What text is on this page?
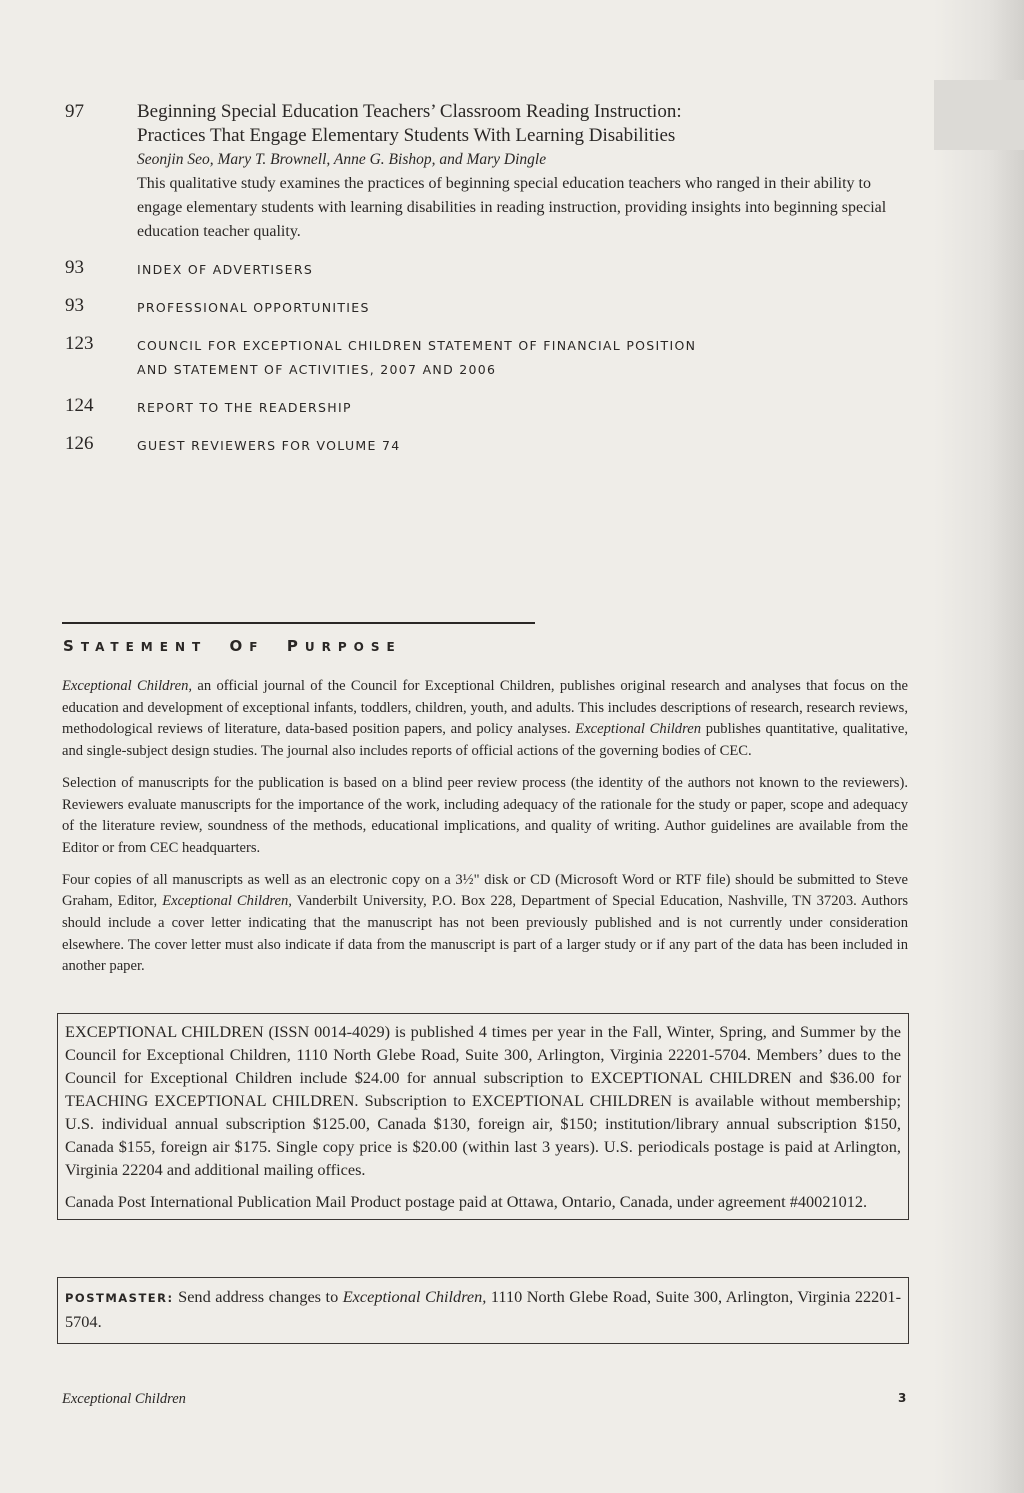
97	Beginning Special Education Teachers’ Classroom Reading Instruction:
Practices That Engage Elementary Students With Learning Disabilities
Seonjin Seo, Mary T. Brownell, Anne G. Bishop, and Mary Dingle
This qualitative study examines the practices of beginning special education teachers who ranged in their ability to engage elementary students with learning disabilities in reading instruction, providing insights into beginning special education teacher quality.
93	INDEX OF ADVERTISERS
93	PROFESSIONAL OPPORTUNITIES
123	COUNCIL FOR EXCEPTIONAL CHILDREN STATEMENT OF FINANCIAL POSITION
AND STATEMENT OF ACTIVITIES, 2007 AND 2006
124	REPORT TO THE READERSHIP
126	GUEST REVIEWERS FOR VOLUME 74
STATEMENT  OF  PURPOSE

Exceptional Children, an official journal of the Council for Exceptional Children, publishes original research and analyses that focus on the education and development of exceptional infants, toddlers, children, youth, and adults. This includes descriptions of research, research reviews, methodological reviews of literature, data-based position papers, and policy analyses. Exceptional Children publishes quantitative, qualitative, and single-subject design studies. The journal also includes reports of official actions of the governing bodies of CEC.

Selection of manuscripts for the publication is based on a blind peer review process (the identity of the authors not known to the reviewers). Reviewers evaluate manuscripts for the importance of the work, including adequacy of the rationale for the study or paper, scope and adequacy of the literature review, soundness of the methods, educational implications, and quality of writing. Author guidelines are available from the Editor or from CEC headquarters.

Four copies of all manuscripts as well as an electronic copy on a 3½" disk or CD (Microsoft Word or RTF file) should be submitted to Steve Graham, Editor, Exceptional Children, Vanderbilt University, P.O. Box 228, Department of Special Education, Nashville, TN 37203. Authors should include a cover letter indicating that the manuscript has not been previously published and is not currently under consideration elsewhere. The cover letter must also indicate if data from the manuscript is part of a larger study or if any part of the data has been included in another paper.

EXCEPTIONAL CHILDREN (ISSN 0014-4029) is published 4 times per year in the Fall, Winter, Spring, and Summer by the Council for Exceptional Children, 1110 North Glebe Road, Suite 300, Arlington, Virginia 22201-5704. Members’ dues to the Council for Exceptional Children include $24.00 for annual subscription to EXCEPTIONAL CHILDREN and $36.00 for TEACHING EXCEPTIONAL CHILDREN. Subscription to EXCEPTIONAL CHILDREN is available without membership; U.S. individual annual subscription $125.00, Canada $130, foreign air, $150; institution/library annual subscription $150, Canada $155, foreign air $175. Single copy price is $20.00 (within last 3 years). U.S. periodicals postage is paid at Arlington, Virginia 22204 and additional mailing offices.

Canada Post International Publication Mail Product postage paid at Ottawa, Ontario, Canada, under agreement #40021012.

POSTMASTER: Send address changes to Exceptional Children, 1110 North Glebe Road, Suite 300, Arlington, Virginia 22201-5704.
Exceptional Children	3
